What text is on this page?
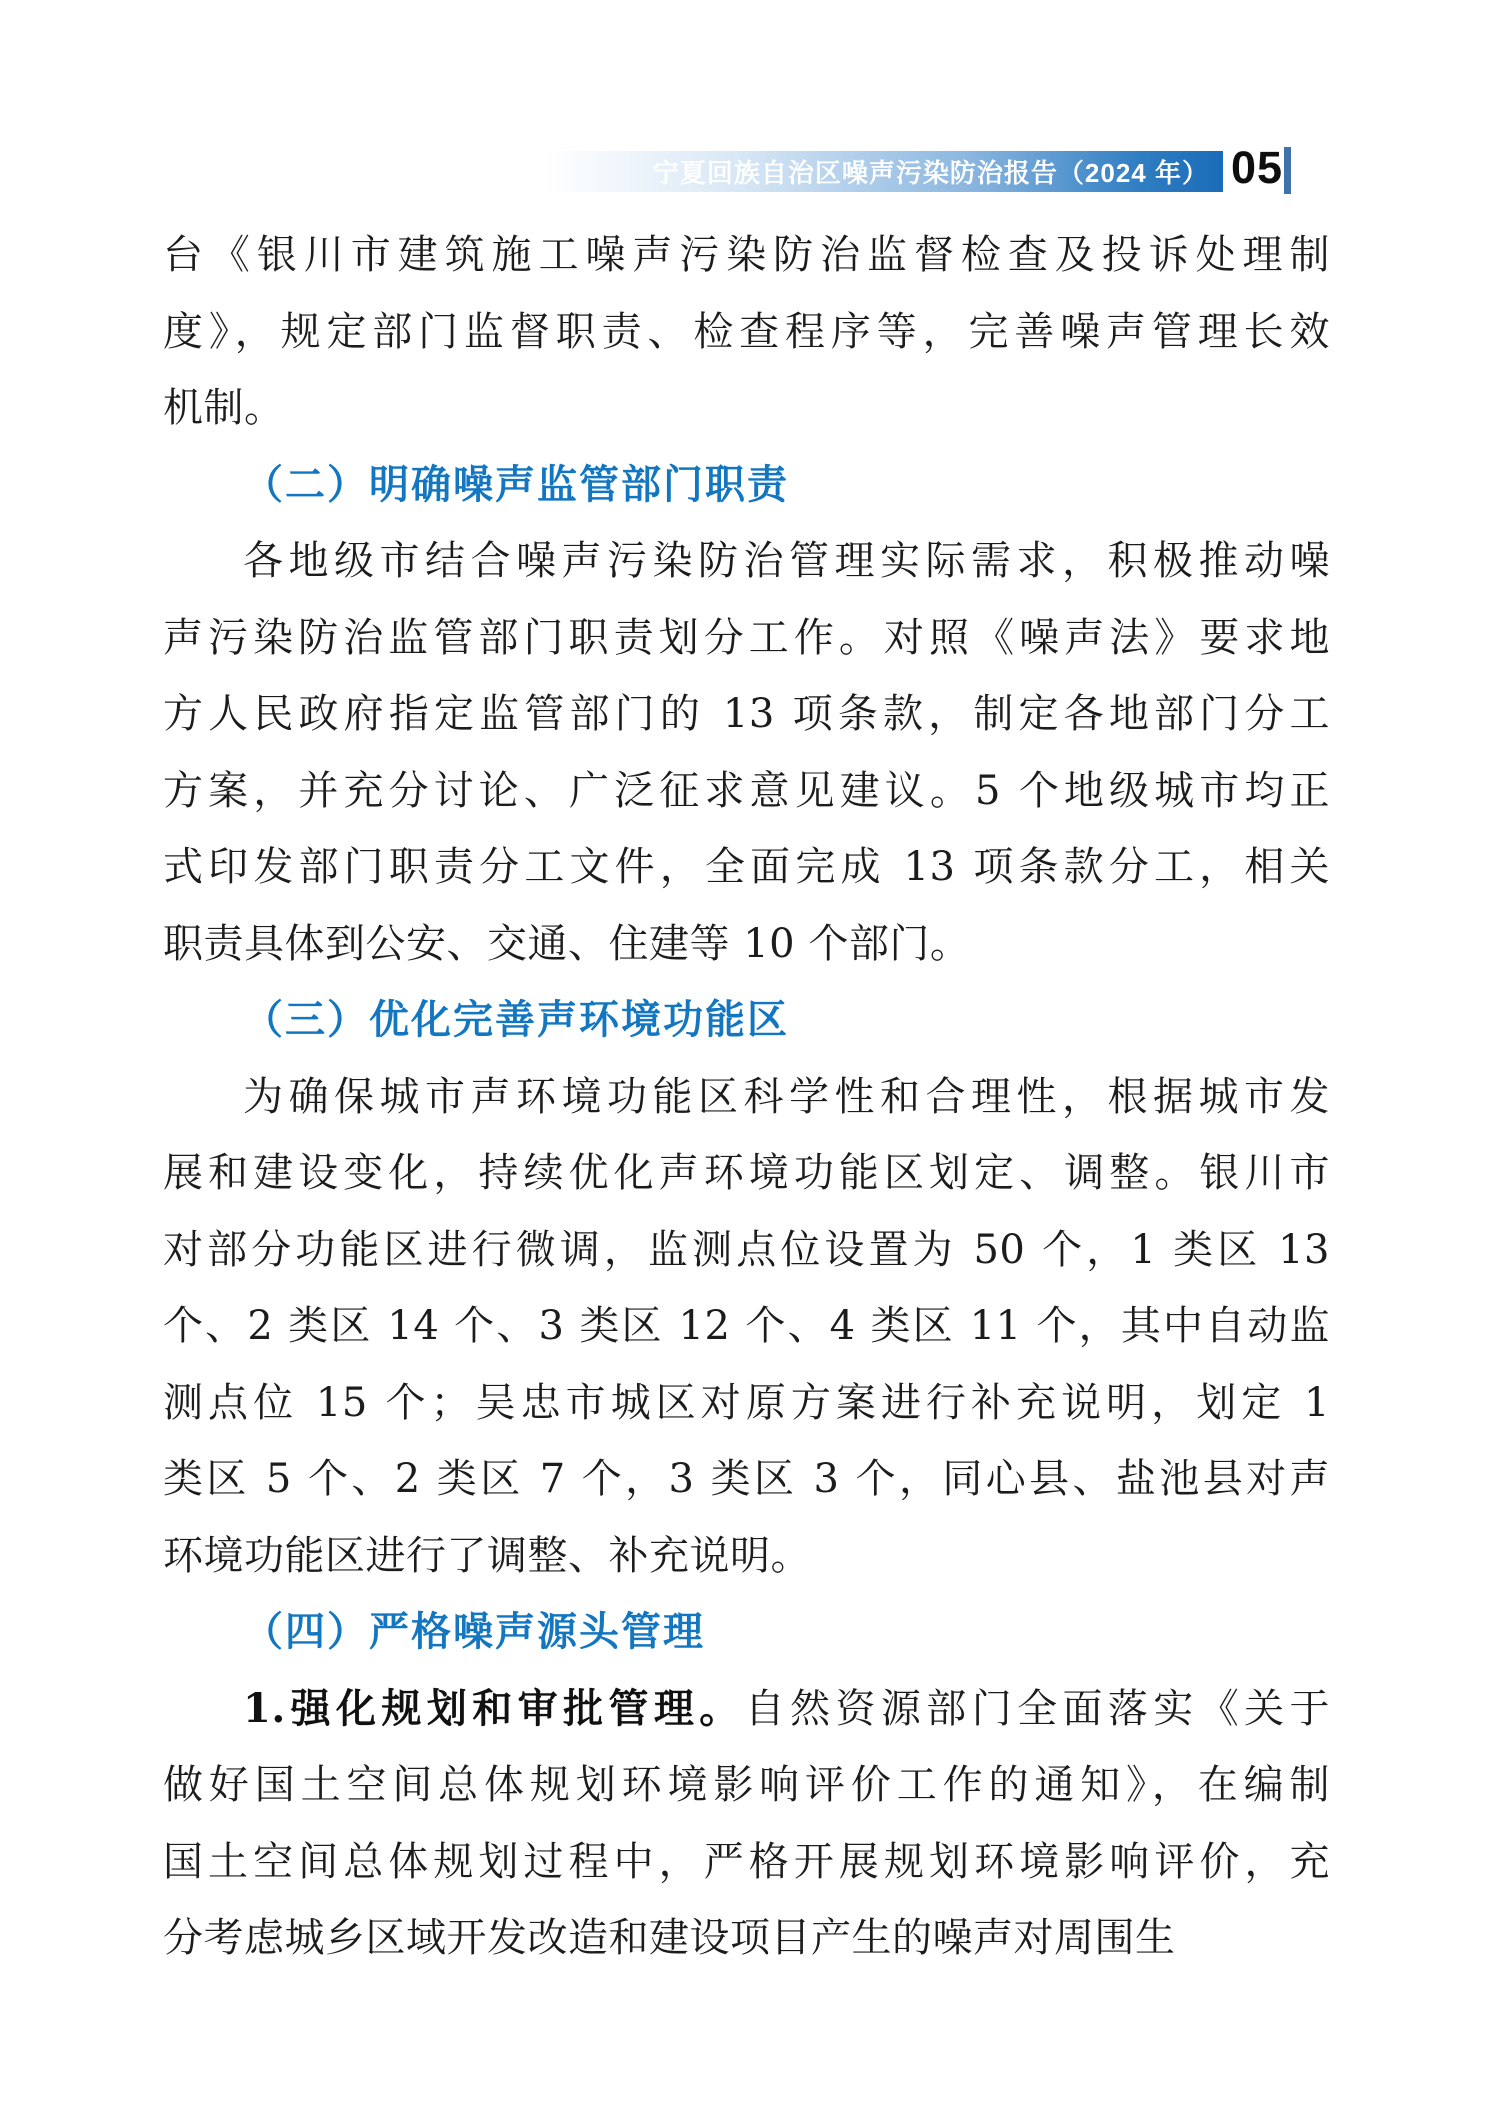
宁夏回族自治区噪声污染防治报告（2024 年） 05
台《银川市建筑施工噪声污染防治监督检查及投诉处理制
度》，规定部门监督职责、检查程序等，完善噪声管理长效
机制。
（二）明确噪声监管部门职责
各地级市结合噪声污染防治管理实际需求，积极推动噪
声污染防治监管部门职责划分工作。对照《噪声法》要求地
方人民政府指定监管部门的 13 项条款，制定各地部门分工
方案，并充分讨论、广泛征求意见建议。5 个地级城市均正
式印发部门职责分工文件，全面完成 13 项条款分工，相关
职责具体到公安、交通、住建等 10 个部门。
（三）优化完善声环境功能区
为确保城市声环境功能区科学性和合理性，根据城市发
展和建设变化，持续优化声环境功能区划定、调整。银川市
对部分功能区进行微调，监测点位设置为 50 个，1 类区 13
个、2 类区 14 个、3 类区 12 个、4 类区 11 个，其中自动监
测点位 15 个；吴忠市城区对原方案进行补充说明，划定 1
类区 5 个、2 类区 7 个，3 类区 3 个，同心县、盐池县对声
环境功能区进行了调整、补充说明。
（四）严格噪声源头管理
1.强化规划和审批管理。自然资源部门全面落实《关于
做好国土空间总体规划环境影响评价工作的通知》，在编制
国土空间总体规划过程中，严格开展规划环境影响评价，充
分考虑城乡区域开发改造和建设项目产生的噪声对周围生
